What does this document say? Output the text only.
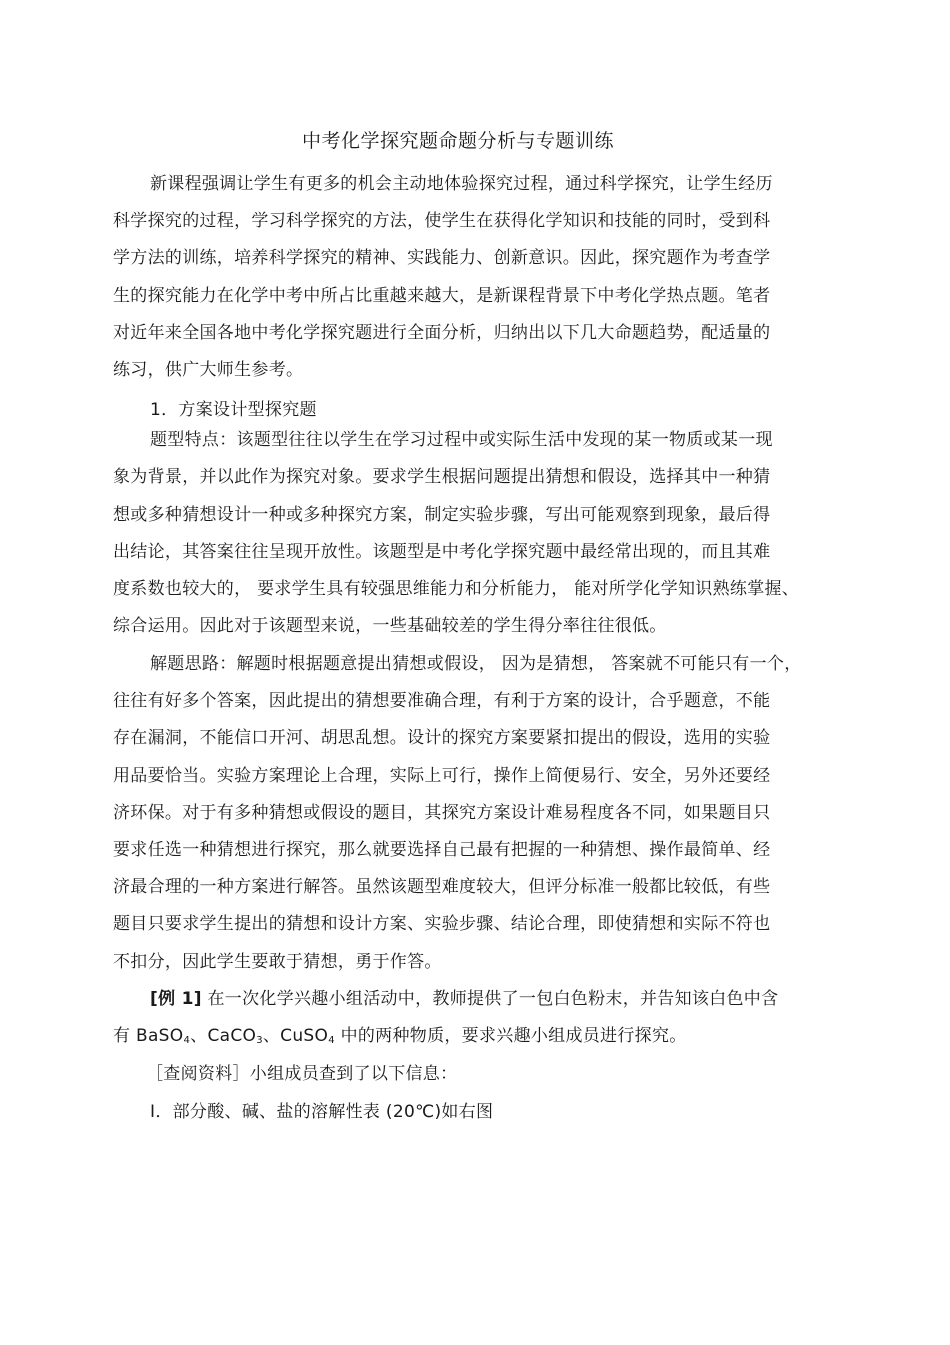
中考化学探究题命题分析与专题训练
新课程强调让学生有更多的机会主动地体验探究过程，通过科学探究，让学生经历
科学探究的过程，学习科学探究的方法，使学生在获得化学知识和技能的同时，受到科
学方法的训练，培养科学探究的精神、实践能力、创新意识。因此，探究题作为考查学
生的探究能力在化学中考中所占比重越来越大，是新课程背景下中考化学热点题。笔者
对近年来全国各地中考化学探究题进行全面分析，归纳出以下几大命题趋势，配适量的
练习，供广大师生参考。
1．方案设计型探究题
题型特点：该题型往往以学生在学习过程中或实际生活中发现的某一物质或某一现
象为背景，并以此作为探究对象。要求学生根据问题提出猜想和假设，选择其中一种猜
想或多种猜想设计一种或多种探究方案，制定实验步骤，写出可能观察到现象，最后得
出结论，其答案往往呈现开放性。该题型是中考化学探究题中最经常出现的，而且其难
度系数也较大的， 要求学生具有较强思维能力和分析能力， 能对所学化学知识熟练掌握、
综合运用。因此对于该题型来说，一些基础较差的学生得分率往往很低。
解题思路：解题时根据题意提出猜想或假设， 因为是猜想， 答案就不可能只有一个，
往往有好多个答案，因此提出的猜想要准确合理，有利于方案的设计，合乎题意，不能
存在漏洞，不能信口开河、胡思乱想。设计的探究方案要紧扣提出的假设，选用的实验
用品要恰当。实验方案理论上合理，实际上可行，操作上简便易行、安全，另外还要经
济环保。对于有多种猜想或假设的题目，其探究方案设计难易程度各不同，如果题目只
要求任选一种猜想进行探究，那么就要选择自己最有把握的一种猜想、操作最简单、经
济最合理的一种方案进行解答。虽然该题型难度较大，但评分标准一般都比较低，有些
题目只要求学生提出的猜想和设计方案、实验步骤、结论合理，即使猜想和实际不符也
不扣分，因此学生要敢于猜想，勇于作答。
[例 1] 在一次化学兴趣小组活动中，教师提供了一包白色粉末，并告知该白色中含
有 BaSO$_4$、CaCO$_3$、CuSO$_4$ 中的两种物质，要求兴趣小组成员进行探究。
［查阅资料］小组成员查到了以下信息：
Ⅰ．部分酸、碱、盐的溶解性表 (20℃)如右图
